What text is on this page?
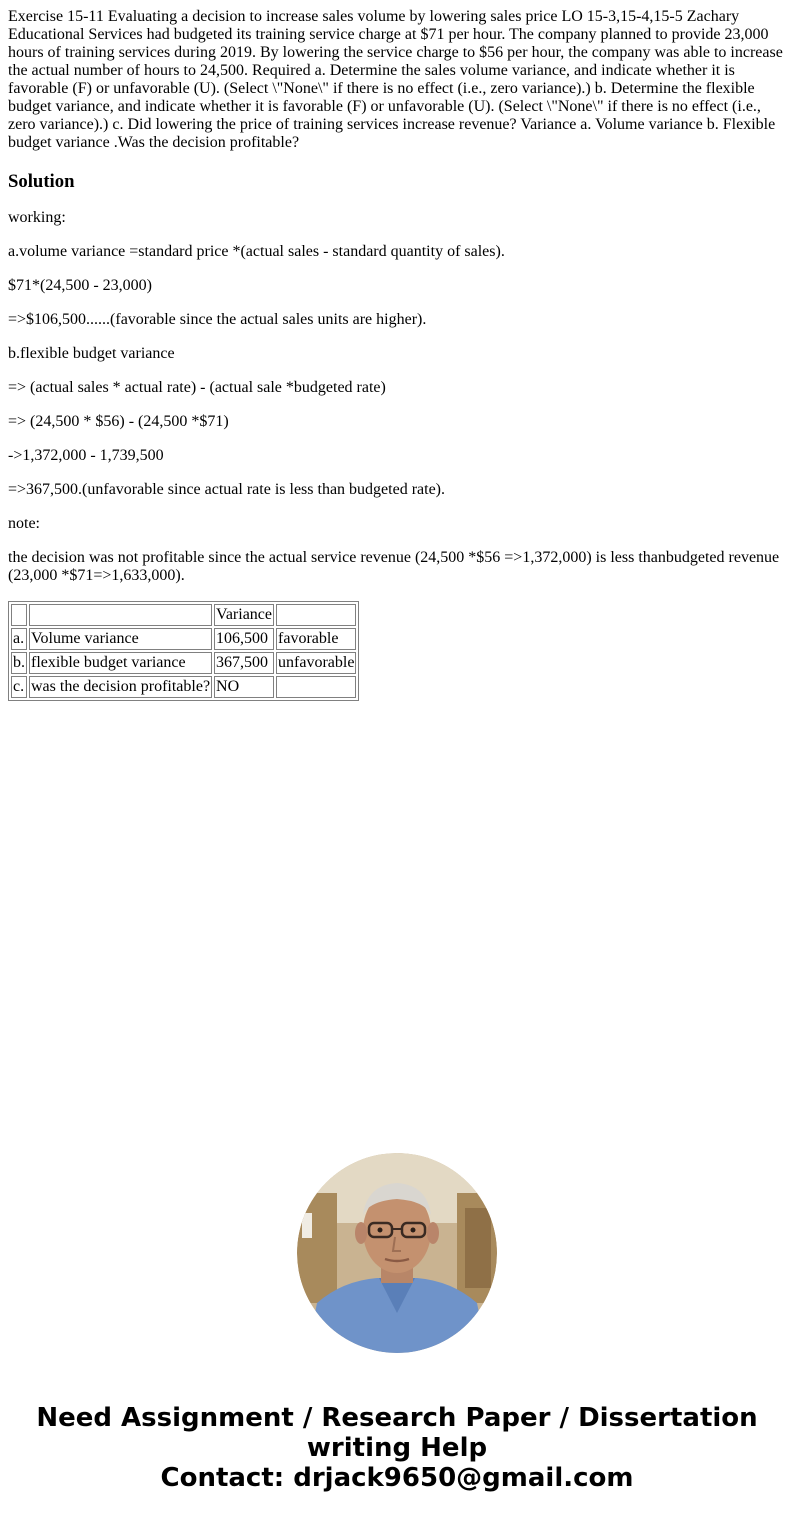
Exercise 15-11 Evaluating a decision to increase sales volume by lowering sales price LO 15-3,15-4,15-5 Zachary Educational Services had budgeted its training service charge at $71 per hour. The company planned to provide 23,000 hours of training services during 2019. By lowering the service charge to $56 per hour, the company was able to increase the actual number of hours to 24,500. Required a. Determine the sales volume variance, and indicate whether it is favorable (F) or unfavorable (U). (Select \"None\" if there is no effect (i.e., zero variance).) b. Determine the flexible budget variance, and indicate whether it is favorable (F) or unfavorable (U). (Select \"None\" if there is no effect (i.e., zero variance).) c. Did lowering the price of training services increase revenue? Variance a. Volume variance b. Flexible budget variance .Was the decision profitable?

Solution

working:

a.volume variance =standard price *(actual sales - standard quantity of sales).

$71*(24,500 - 23,000)

=>$106,500......(favorable since the actual sales units are higher).

b.flexible budget variance

=> (actual sales * actual rate) - (actual sale *budgeted rate)

=> (24,500 * $56) - (24,500 *$71)

->1,372,000 - 1,739,500

=>367,500.(unfavorable since actual rate is less than budgeted rate).

note:

the decision was not profitable since the actual service revenue (24,500 *$56 =>1,372,000) is less thanbudgeted revenue (23,000 *$71=>1,633,000).

		Variance	
a.	Volume variance	106,500	favorable
b.	flexible budget variance	367,500	unfavorable
c.	was the decision profitable?	NO	
Need Assignment / Research Paper / Dissertation
writing Help
Contact: drjack9650@gmail.com
